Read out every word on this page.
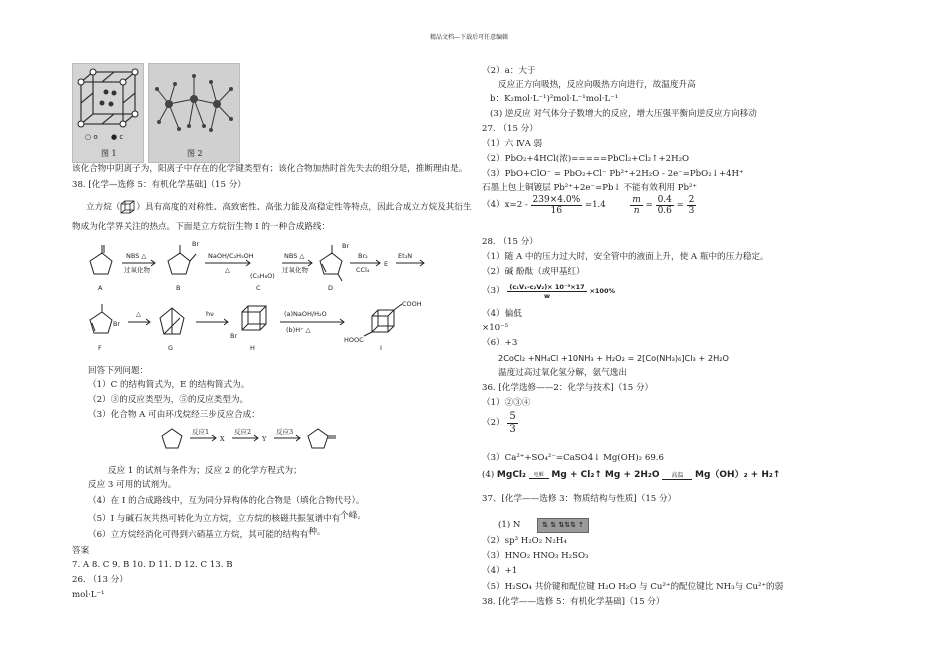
精品文档---下载后可任意编辑
○ o ● c
图 1	图 2
该化合物中阴离子为，阳离子中存在的化学键类型有；该化合物加热时首先失去的组分是，推断理由是。
38. [化学—选修 5：有机化学基础]（15 分）
立方烷（ ）具有高度的对称性、高致密性、高张力能及高稳定性等特点，因此合成立方烷及其衍生
物成为化学界关注的热点。下面是立方烷衍生物 I 的一种合成路线：
A	B	C	D
E
NBS △
过氧化物
Br
NaOH/C₂H₅OH
△
(C₅H₆O)
NBS △
过氧化物
Br
Br₂
CCl₄
Et₃N
F
Br
△
G
hν
H
Br
(a)NaOH/H₂O
(b)H⁺ △
COOH
HOOC
I
回答下列问题：
（1）C 的结构简式为，E 的结构简式为。
（2）③的反应类型为，⑤的反应类型为。
（3）化合物 A 可由环戊烷经三步反应合成：
反应1
X
反应2
Y
反应3
反应 1 的试剂与条件为；反应 2 的化学方程式为；
反应 3 可用的试剂为。
（4）在 I 的合成路线中，互为同分异构体的化合物是（填化合物代号）。
（5）I 与碱石灰共热可转化为立方烷，立方烷的核磁共振氢谱中有个峰。
（6）立方烷经消化可得到六硝基立方烷，其可能的结构有种。
答案
7. A 8. C 9. B 10. D 11. D 12. C 13. B
26. （13 分）
mol·L⁻¹
（2）a：大于
反应正方向吸热，反应向吸热方向进行，故温度升高
b：K₂mol·L⁻¹)²mol·L⁻¹mol·L⁻¹
(3) 逆反应 对气体分子数增大的反应，增大压强平衡向逆反应方向移动
27. （15 分）
（1）六 ⅣA 弱
（2）PbO₂+4HCl(浓)=====PbCl₂+Cl₂↑+2H₂O
（3）PbO+ClO⁻ = PbO₂+Cl⁻ Pb²⁺+2H₂O - 2e⁻=PbO₂↓+4H⁺
石墨上包上铜镀层 Pb²⁺+2e⁻=Pb↓ 不能有效利用 Pb²⁺
$(4)x=2 - \frac{239\times 4.0\%}{16} =1.4$	$\frac{m}{n} = \frac{0.4}{0.6} = \frac{2}{3}$
28. （15 分）
（1）随 A 中的压力过大时，安全管中的液面上升，使 A 瓶中的压力稳定。
（2）碱 酚酞（或甲基红）
$(3) \frac{\text{(c₁V₁-c₂V₂)× 10⁻³×17}}{w} \times 100\%$
（4）偏低
×10⁻⁵
（6）+3
2CoCl₂ +NH₄Cl +10NH₃ + H₂O₂ = 2[Co(NH₃)₆]Cl₃ + 2H₂O
温度过高过氧化氢分解，氨气逸出
36. [化学选修——2：化学与技术]（15 分）
（1）②③④
$(2) \frac{5}{3}$
（3）Ca²⁺+SO₄²⁻=CaSO4↓ Mg(OH)₂ 69.6
(4) MgCl₂	电解 Mg + Cl₂↑ Mg + 2H₂O	高温	Mg（OH）₂ + H₂↑
37、[化学——选修 3：物质结构与性质]（15 分）
(1) N	⇅ ⇅ ⇅⇅⇅ ↑
（2）sp³ H₂O₂ N₂H₄
（3）HNO₂ HNO₃ H₂SO₃
（4）+1
（5）H₂SO₄ 共价键和配位键 H₂O H₂O 与 Cu²⁺的配位键比 NH₃与 Cu²⁺的弱
38. [化学——选修 5：有机化学基础]（15 分）
